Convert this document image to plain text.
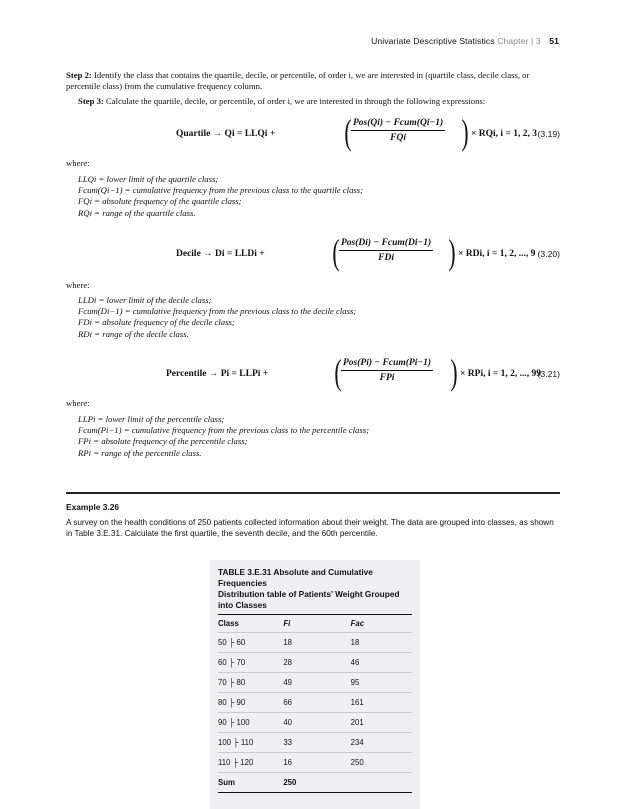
Univariate Descriptive Statistics Chapter | 3 51
Step 2: Identify the class that contains the quartile, decile, or percentile, of order i, we are interested in (quartile class, decile class, or percentile class) from the cumulative frequency column.
Step 3: Calculate the quartile, decile, or percentile, of order i, we are interested in through the following expressions:
Quartile → Qi = LLQi + ( Pos(Qi) − Fcum(Qi−1)
FQi	) × RQi, i = 1, 2, 3 (3.19)
where:
LLQi = lower limit of the quartile class;
Fcum(Qi−1) = cumulative frequency from the previous class to the quartile class;
FQi = absolute frequency of the quartile class;
RQi = range of the quartile class.
Decile → Di = LLDi + ( Pos(Di) − Fcum(Di−1)
FDi	) × RDi, i = 1, 2, ..., 9 (3.20)
where:
LLDi = lower limit of the decile class;
Fcum(Di−1) = cumulative frequency from the previous class to the decile class;
FDi = absolute frequency of the decile class;
RDi = range of the decile class.
Percentile → Pi = LLPi + ( Pos(Pi) − Fcum(Pi−1)
FPi	) × RPi, i = 1, 2, ..., 99
(3.21)
where:
LLPi = lower limit of the percentile class;
Fcum(Pi−1) = cumulative frequency from the previous class to the percentile class;
FPi = absolute frequency of the percentile class;
RPi = range of the percentile class.
Example 3.26
A survey on the health conditions of 250 patients collected information about their weight. The data are grouped into classes, as shown in Table 3.E.31. Calculate the first quartile, the seventh decile, and the 60th percentile.
TABLE 3.E.31 Absolute and Cumulative Frequencies
Distribution table of Patients’ Weight Grouped into Classes
Class	Fi	Fac
50 ├ 60	18	18
60 ├ 70	28	46
70 ├ 80	49	95
80 ├ 90	66	161
90 ├ 100	40	201
100 ├ 110	33	234
110 ├ 120	16	250
Sum	250
